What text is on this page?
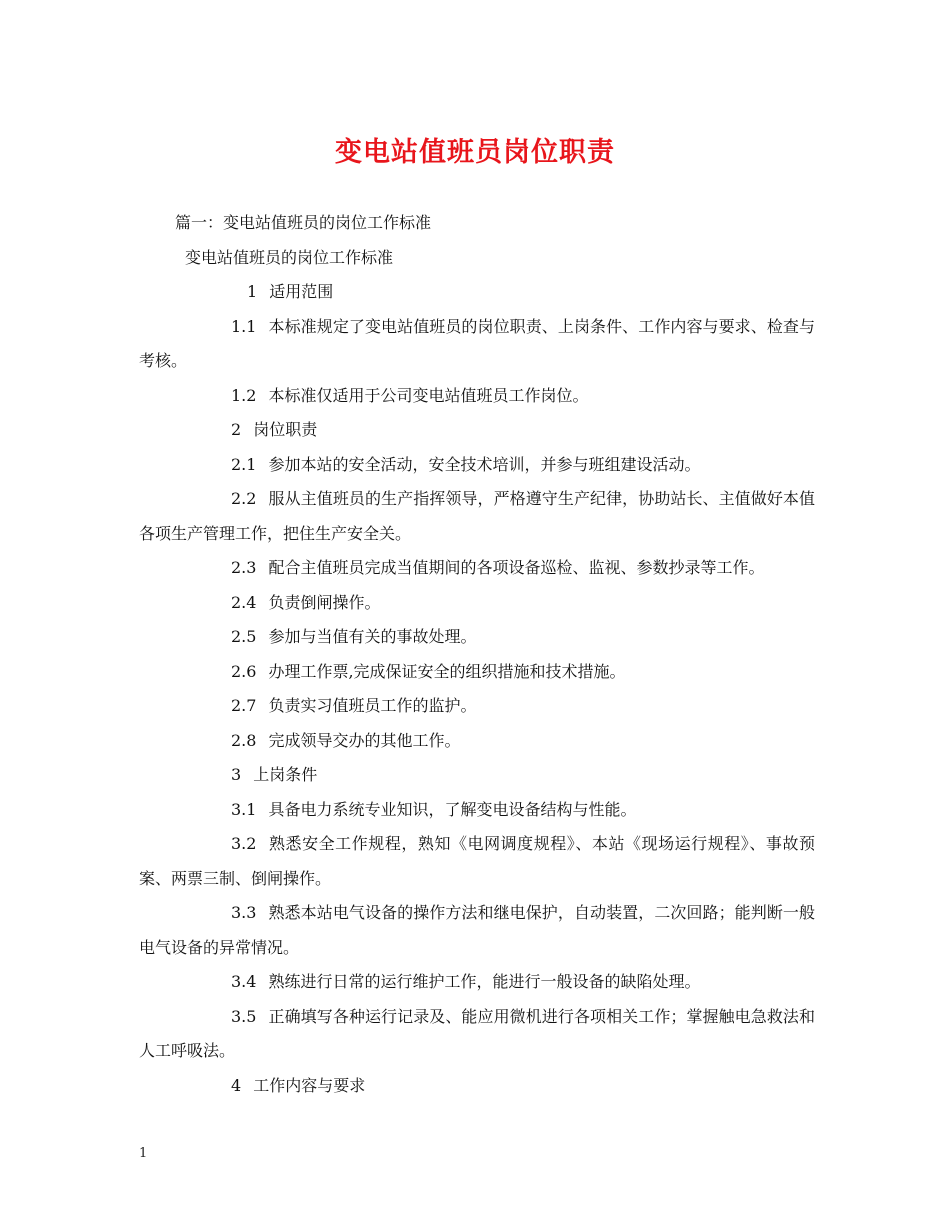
变电站值班员岗位职责

篇一：变电站值班员的岗位工作标准

变电站值班员的岗位工作标准

1 适用范围

1.1 本标准规定了变电站值班员的岗位职责、上岗条件、工作内容与要求、检查与考核。

1.2 本标准仅适用于公司变电站值班员工作岗位。

2 岗位职责

2.1 参加本站的安全活动，安全技术培训，并参与班组建设活动。

2.2 服从主值班员的生产指挥领导，严格遵守生产纪律，协助站长、主值做好本值各项生产管理工作，把住生产安全关。

2.3 配合主值班员完成当值期间的各项设备巡检、监视、参数抄录等工作。

2.4 负责倒闸操作。

2.5 参加与当值有关的事故处理。

2.6 办理工作票,完成保证安全的组织措施和技术措施。

2.7 负责实习值班员工作的监护。

2.8 完成领导交办的其他工作。

3 上岗条件

3.1 具备电力系统专业知识，了解变电设备结构与性能。

3.2 熟悉安全工作规程，熟知《电网调度规程》、本站《现场运行规程》、事故预案、两票三制、倒闸操作。

3.3 熟悉本站电气设备的操作方法和继电保护，自动装置，二次回路；能判断一般电气设备的异常情况。

3.4 熟练进行日常的运行维护工作，能进行一般设备的缺陷处理。

3.5 正确填写各种运行记录及、能应用微机进行各项相关工作；掌握触电急救法和人工呼吸法。

4 工作内容与要求

1
